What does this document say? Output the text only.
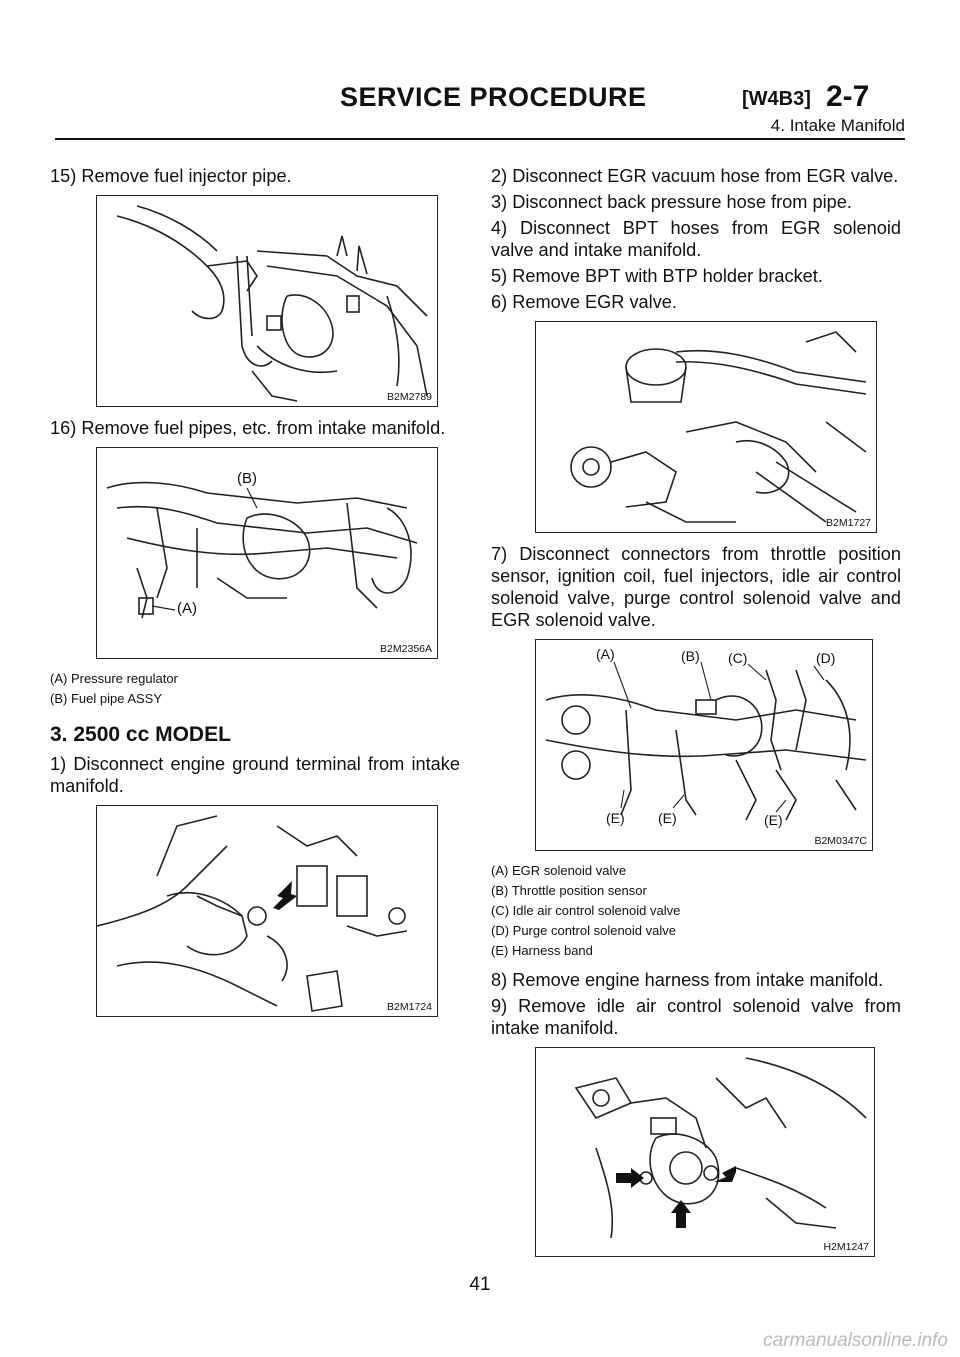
SERVICE PROCEDURE	[W4B3] 2-7
4. Intake Manifold

15) Remove fuel injector pipe.

B2M2789

16) Remove fuel pipes, etc. from intake manifold.

(B)
(A)
B2M2356A
(A) Pressure regulator
(B) Fuel pipe ASSY
3. 2500 cc MODEL

1) Disconnect engine ground terminal from intake manifold.

B2M1724

2) Disconnect EGR vacuum hose from EGR valve.

3) Disconnect back pressure hose from pipe.

4) Disconnect BPT hoses from EGR solenoid valve and intake manifold.

5) Remove BPT with BTP holder bracket.

6) Remove EGR valve.

B2M1727

7) Disconnect connectors from throttle position sensor, ignition coil, fuel injectors, idle air control solenoid valve, purge control solenoid valve and EGR solenoid valve.

(A)	(B) (C)	(D)
(E) (E)	(E)
B2M0347C
(A) EGR solenoid valve
(B) Throttle position sensor
(C) Idle air control solenoid valve
(D) Purge control solenoid valve
(E) Harness band

8) Remove engine harness from intake manifold.

9) Remove idle air control solenoid valve from intake manifold.

H2M1247
41
carmanualsonline.info
